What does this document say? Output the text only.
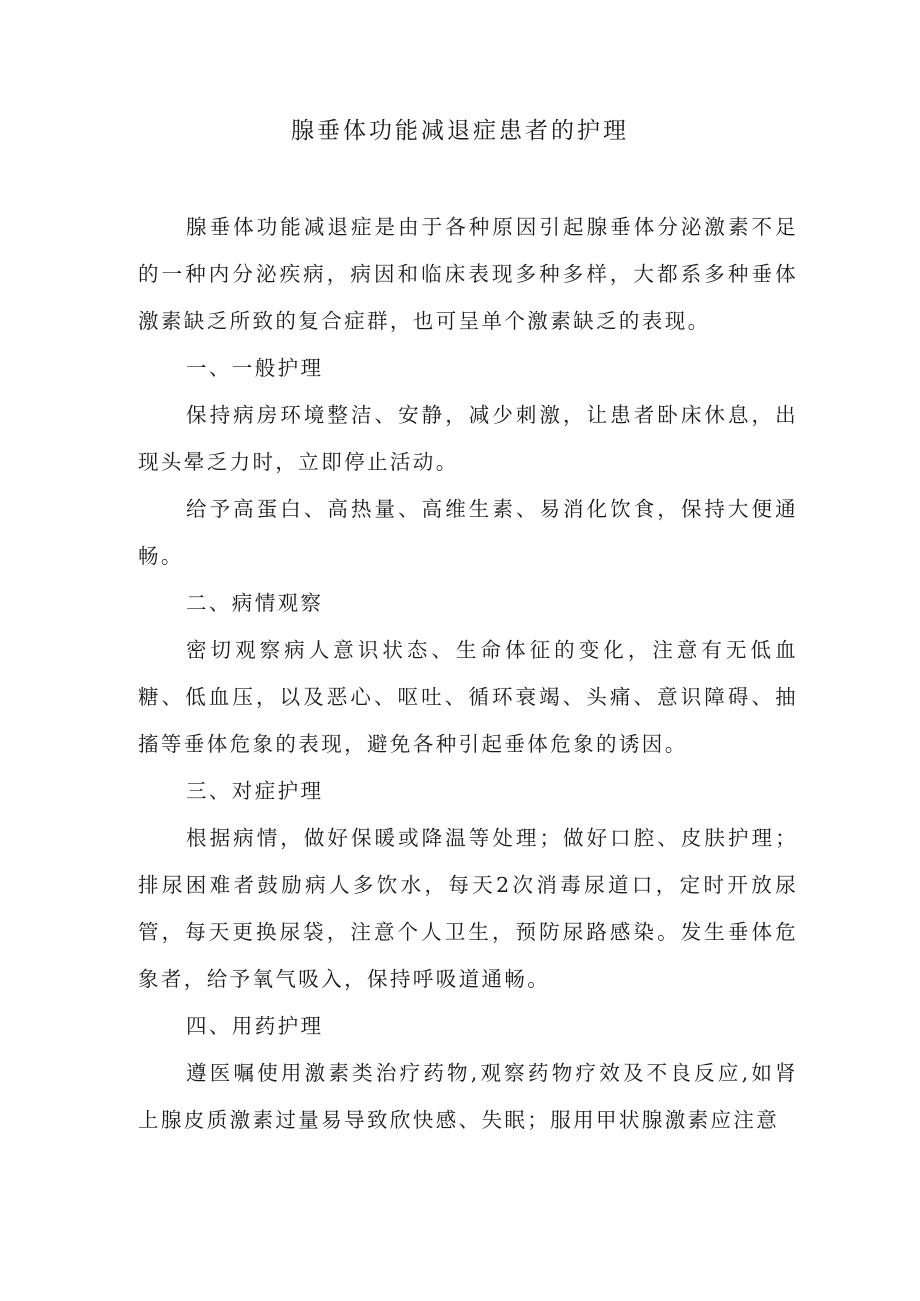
腺垂体功能减退症患者的护理

腺垂体功能减退症是由于各种原因引起腺垂体分泌激素不足的一种内分泌疾病，病因和临床表现多种多样，大都系多种垂体激素缺乏所致的复合症群，也可呈单个激素缺乏的表现。

一、一般护理

保持病房环境整洁、安静，减少刺激，让患者卧床休息，出现头晕乏力时，立即停止活动。

给予高蛋白、高热量、高维生素、易消化饮食，保持大便通畅。

二、病情观察

密切观察病人意识状态、生命体征的变化，注意有无低血糖、低血压，以及恶心、呕吐、循环衰竭、头痛、意识障碍、抽搐等垂体危象的表现，避免各种引起垂体危象的诱因。

三、对症护理

根据病情，做好保暖或降温等处理；做好口腔、皮肤护理；排尿困难者鼓励病人多饮水，每天2次消毒尿道口，定时开放尿管，每天更换尿袋，注意个人卫生，预防尿路感染。发生垂体危象者，给予氧气吸入，保持呼吸道通畅。

四、用药护理

遵医嘱使用激素类治疗药物,观察药物疗效及不良反应,如肾上腺皮质激素过量易导致欣快感、失眠；服用甲状腺激素应注意
